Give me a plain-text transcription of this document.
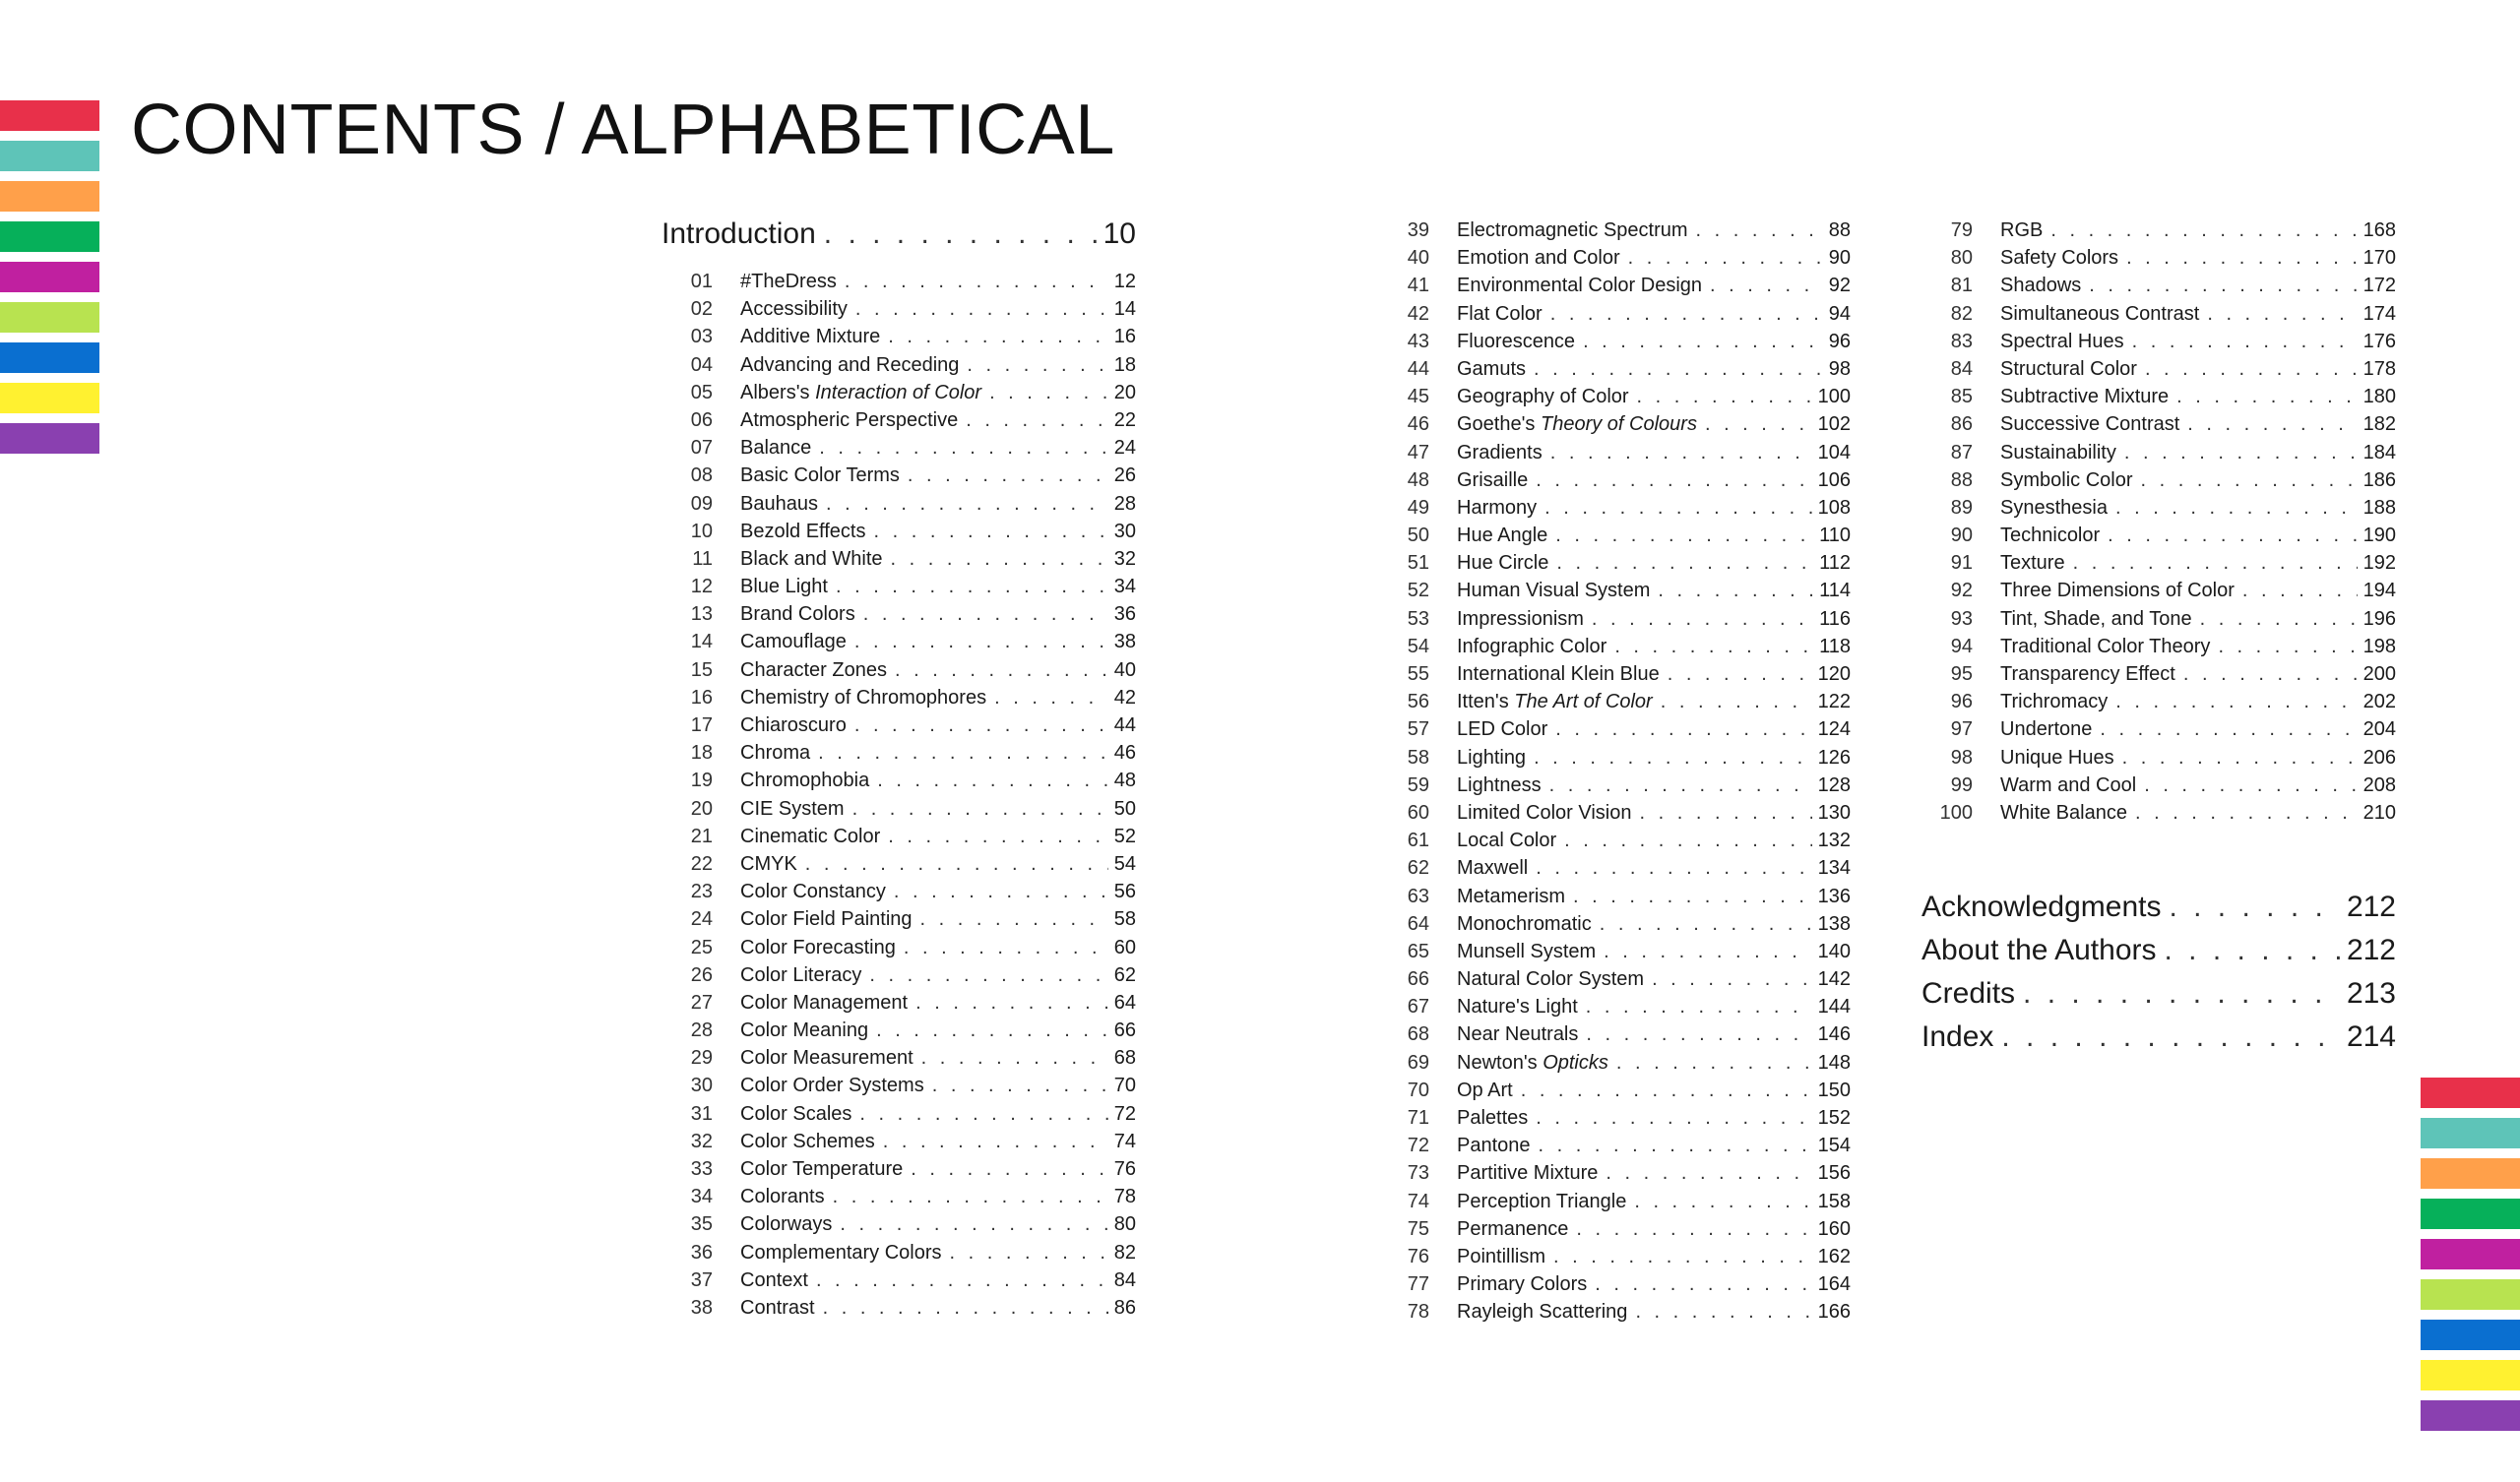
CONTENTS / ALPHABETICAL
Introduction . . .	10
01	#TheDress . . .	12
02	Accessibility . . .	14
03	Additive Mixture . . .	16
04	Advancing and Receding . . .	18
05	Albers's Interaction of Color . . .	20
06	Atmospheric Perspective . . .	22
07	Balance . . .	24
08	Basic Color Terms . . .	26
09	Bauhaus . . .	28
10	Bezold Effects . . .	30
11	Black and White . . .	32
12	Blue Light . . .	34
13	Brand Colors . . .	36
14	Camouflage . . .	38
15	Character Zones . . .	40
16	Chemistry of Chromophores . . .	42
17	Chiaroscuro . . .	44
18	Chroma . . .	46
19	Chromophobia . . .	48
20	CIE System . . .	50
21	Cinematic Color . . .	52
22	CMYK . . .	54
23	Color Constancy . . .	56
24	Color Field Painting . . .	58
25	Color Forecasting . . .	60
26	Color Literacy . . .	62
27	Color Management . . .	64
28	Color Meaning . . .	66
29	Color Measurement . . .	68
30	Color Order Systems . . .	70
31	Color Scales . . .	72
32	Color Schemes . . .	74
33	Color Temperature . . .	76
34	Colorants . . .	78
35	Colorways . . .	80
36	Complementary Colors . . .	82
37	Context . . .	84
38	Contrast . . .	86
39	Electromagnetic Spectrum . . .	88
40	Emotion and Color . . .	90
41	Environmental Color Design . . .	92
42	Flat Color . . .	94
43	Fluorescence . . .	96
44	Gamuts . . .	98
45	Geography of Color . . .	100
46	Goethe's Theory of Colours . . .	102
47	Gradients . . .	104
48	Grisaille . . .	106
49	Harmony . . .	108
50	Hue Angle . . .	110
51	Hue Circle . . .	112
52	Human Visual System . . .	114
53	Impressionism . . .	116
54	Infographic Color . . .	118
55	International Klein Blue . . .	120
56	Itten's The Art of Color . . .	122
57	LED Color . . .	124
58	Lighting . . .	126
59	Lightness . . .	128
60	Limited Color Vision . . .	130
61	Local Color . . .	132
62	Maxwell . . .	134
63	Metamerism . . .	136
64	Monochromatic . . .	138
65	Munsell System . . .	140
66	Natural Color System . . .	142
67	Nature's Light . . .	144
68	Near Neutrals . . .	146
69	Newton's Opticks . . .	148
70	Op Art . . .	150
71	Palettes . . .	152
72	Pantone . . .	154
73	Partitive Mixture . . .	156
74	Perception Triangle . . .	158
75	Permanence . . .	160
76	Pointillism . . .	162
77	Primary Colors . . .	164
78	Rayleigh Scattering . . .	166
79	RGB . . .	168
80	Safety Colors . . .	170
81	Shadows . . .	172
82	Simultaneous Contrast . . .	174
83	Spectral Hues . . .	176
84	Structural Color . . .	178
85	Subtractive Mixture . . .	180
86	Successive Contrast . . .	182
87	Sustainability . . .	184
88	Symbolic Color . . .	186
89	Synesthesia . . .	188
90	Technicolor . . .	190
91	Texture . . .	192
92	Three Dimensions of Color . . .	194
93	Tint, Shade, and Tone . . .	196
94	Traditional Color Theory . . .	198
95	Transparency Effect . . .	200
96	Trichromacy . . .	202
97	Undertone . . .	204
98	Unique Hues . . .	206
99	Warm and Cool . . .	208
100	White Balance . . .	210
Acknowledgments . . .	212
About the Authors . . .	212
Credits . . .	213
Index . . .	214
